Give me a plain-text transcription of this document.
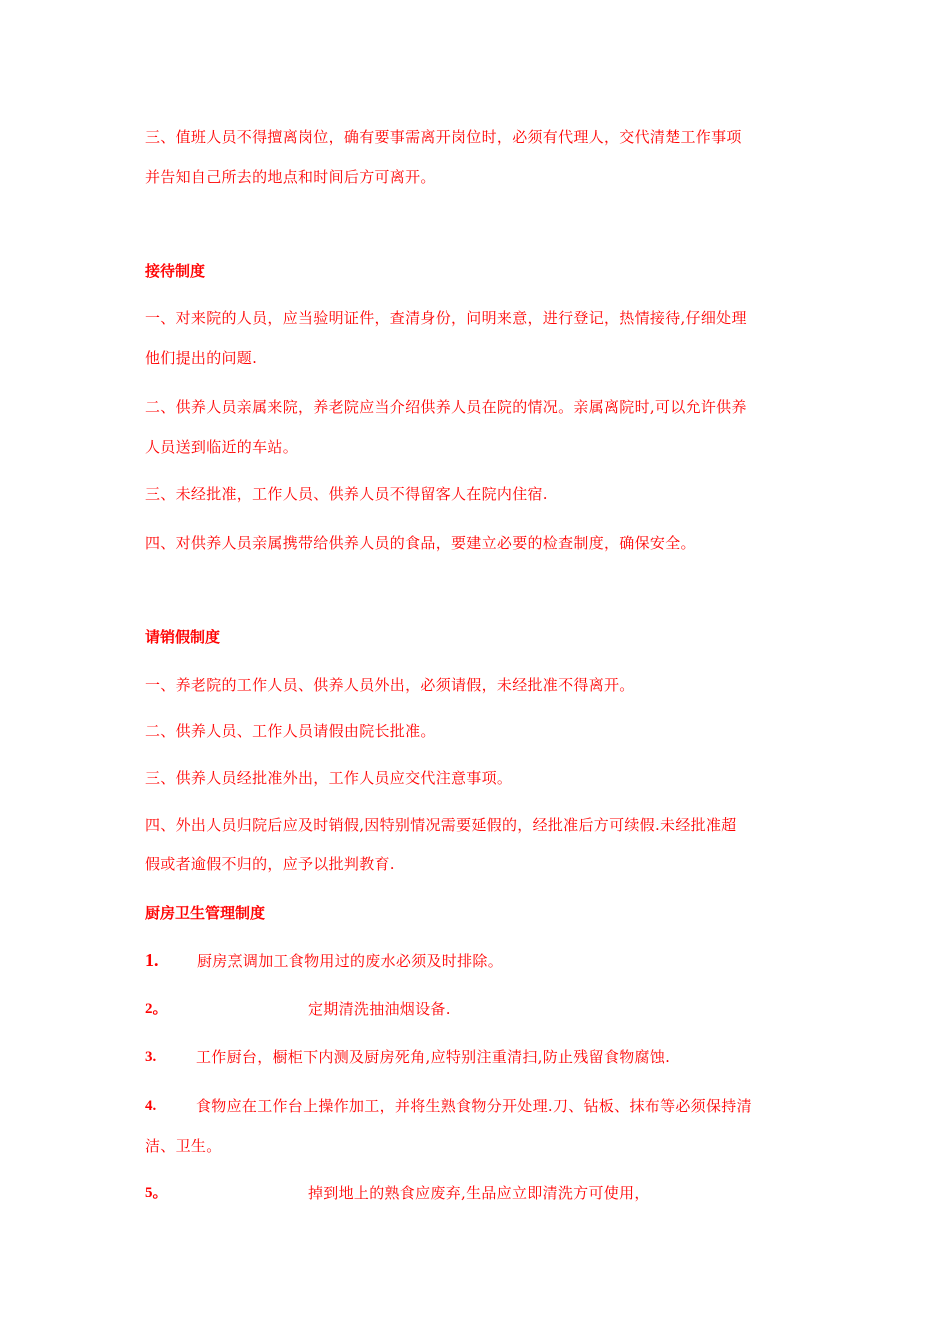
三、值班人员不得擅离岗位，确有要事需离开岗位时，必须有代理人，交代清楚工作事项
并告知自己所去的地点和时间后方可离开。
接待制度
一、对来院的人员，应当验明证件，查清身份，问明来意，进行登记，热情接待,仔细处理
他们提出的问题.
二、供养人员亲属来院，养老院应当介绍供养人员在院的情况。亲属离院时,可以允许供养
人员送到临近的车站。
三、未经批准，工作人员、供养人员不得留客人在院内住宿.
四、对供养人员亲属携带给供养人员的食品，要建立必要的检查制度，确保安全。
请销假制度
一、养老院的工作人员、供养人员外出，必须请假，未经批准不得离开。
二、供养人员、工作人员请假由院长批准。
三、供养人员经批准外出，工作人员应交代注意事项。
四、外出人员归院后应及时销假,因特别情况需要延假的，经批准后方可续假.未经批准超
假或者逾假不归的，应予以批判教育.
厨房卫生管理制度
1.	厨房烹调加工食物用过的废水必须及时排除。
2。	定期清洗抽油烟设备.
3.	工作厨台，橱柜下内测及厨房死角,应特别注重清扫,防止残留食物腐蚀.
4.	食物应在工作台上操作加工，并将生熟食物分开处理.刀、钻板、抹布等必须保持清
洁、卫生。
5。	掉到地上的熟食应废弃,生品应立即清洗方可使用，
